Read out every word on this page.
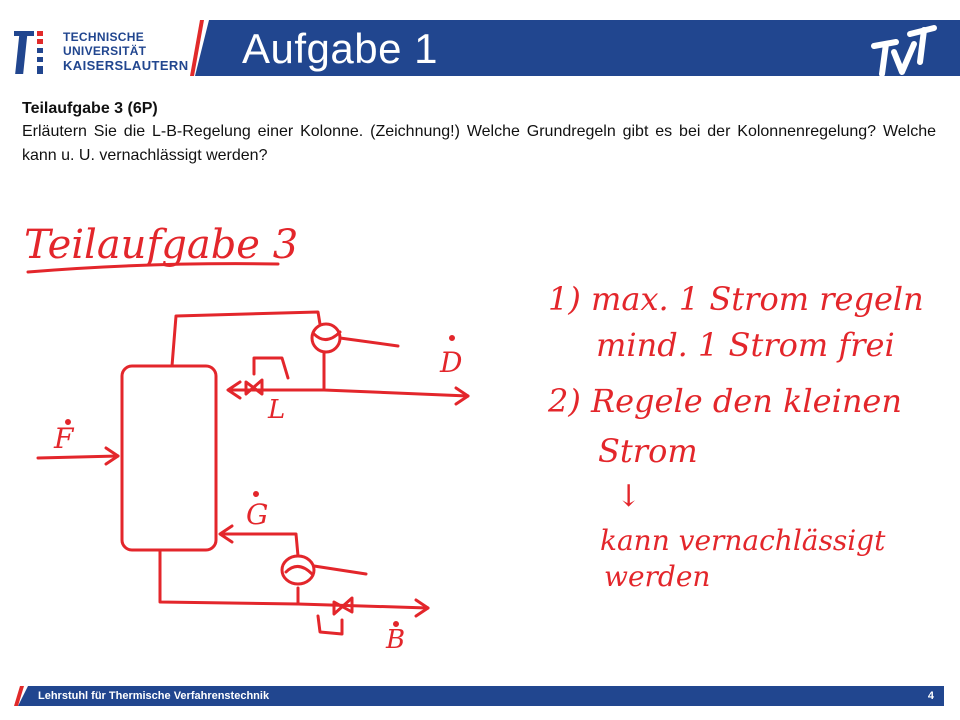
TECHNISCHE UNIVERSITÄT
KAISERSLAUTERN Aufgabe 1
Teilaufgabe 3 (6P)
Erläutern Sie die L-B-Regelung einer Kolonne. (Zeichnung!) Welche Grundregeln gibt es bei der Kolonnenregelung? Welche kann u. U. vernachlässigt werden?
Teilaufgabe 3
D
L
F
G
B
1) max. 1 Strom regeln
mind. 1 Strom frei
2) Regele den kleinen
Strom
↓
kann vernachlässigt
werden
Lehrstuhl für Thermische Verfahrenstechnik	4
